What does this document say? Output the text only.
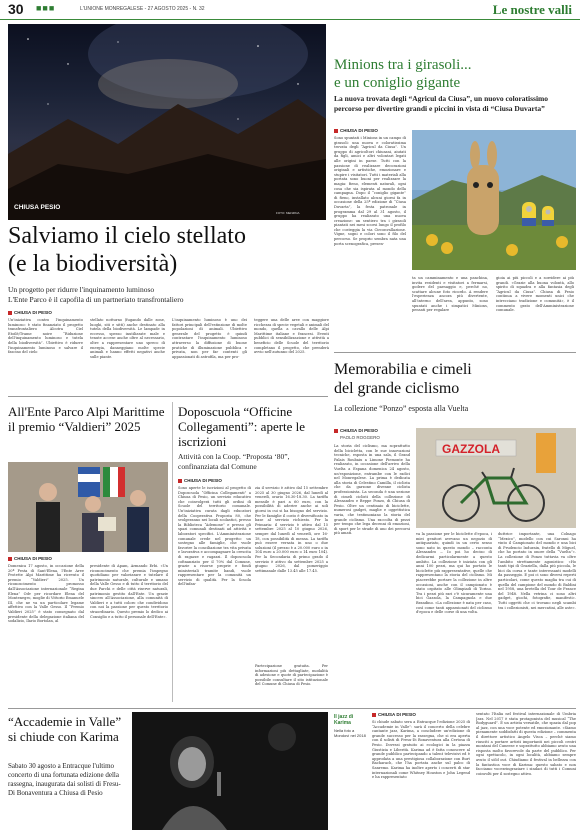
30 ■■■	L'UNIONE MONREGALESE - 27 AGOSTO 2025 - N. 32	Le nostre valli
CHIUSA PESIO
FOTO: MENZINA
Salviamo il cielo stellato
(e la biodiversità)
Un progetto per ridurre l'inquinamento luminoso
L'Ente Parco è il capofila di un partneriato transfrontaliero
CHIUSA DI PESIO
Un'iniziativa contro l'inquinamento luminoso: è stato finanziato il progetto transfrontaliero Alcotra Ciel Etoilé/Trame noire “Riduzione dell'inquinamento luminoso e tutela della biodiversità”. Ubiettivo è ridurre l'inquinamento luminoso e salvare il fascino del cielo
stellato notturno (fugando dalle zone, luoghi, siti e sitti) anche destinato alla tutela della biodiversità. Le lampade in eccesso, spesso inutilizzate male e tenute accese anche oltre al necessario, oltre a rappresentare uno spreco di energia, danneggiano molte specie animali e hanno effetti negativi anche sulle piante.
L'inquinamento luminoso è uno dei fattori principali dell'estinzione di molte popolazioni di animali. Ubiettivo generale del progetto è quindi contrastare l'inquinamento luminoso attraverso la diffusione di buone pratiche di illuminazione pubblica e privata, non per far contenti gli appassionati di astrofila, ma per pro-
teggere una delle aree con maggiore ricchezza di specie vegetali e animali del mondo, quella a cavallo delle Alpi Marittime italiane e francesi. Eventi pubblici di sensibilizzazione e attività a beneficio delle Scuole del territorio completano il progetto, che prenderà avvio nell'autunno del 2025.
Minions tra i girasoli...
e un coniglio gigante
La nuova trovata degli “Agricul da Ciusa”, un nuovo coloratissimo percorso per divertire grandi e piccini in vista di “Ciusa Duvarta”
CHIUSA DI PESIO
Sono spuntati i Minions in un campo di girasoli: una nuova e coloratissima trovata degli “Agricul da Ciusa”. Un gruppo di agricoltori chiusani, aiutati da figli, amici e altri volontari legati alle origini in paese. Tutti con la passione di realizzare decorazioni originali e artistiche, emozionare e stupire i visitatori. Tutti i materiali alla portata sono buoni per realizzare la magia: fieno, elementi naturali, ogni cosa che sia ispirata al mondo della campagna. Dopo il “coniglio gigante” di fieno, installato alcuni giorni fa in occasione della 25ª edizione di “Ciusa Duvarta”, la festa patronale in programma dal 29 al 31 agosto, il gruppo ha realizzato una nuova creazione: un sentiero tra i girasoli piantati nei mesi scorsi lungo il profilo che costeggia la via Circonvallazione. Vigne, sogni e colori sono il filo del percorso. Se proprio sembra nata una porta scenografica, presen-
ta un camminamento e una panchina, invita residenti e visitatori a fermarsi, godere del paesaggio e, perché no, scattare alcune foto ricordo. A rendere l'esperienza ancora più divertente, all'interno dell'area, appunto, sono spuntati anche i simpatici Minions, pensati per regalare
gioia ai più piccoli e a sorridere ai più grandi. «Grazie alla buona volontà, allo spirito di squadra e alla fantasia degli “Agricul da Ciusa”. Chiusa di Pesio continua a vivere momenti unici che intrecciano tradizione e comunità», è il commento grato dell'Amministrazione comunale.
Memorabilia e cimeli
del grande ciclismo
La collezione “Ponzo” esposta alla Vuelta
All'Ente Parco Alpi Marittime il premio “Valdieri” 2025
CHIUSA DI PESIO
Domenica 17 agosto, in occasione della 20ª Festa di Sant'Elena, l'Ente Aree Protette Alpi Marittime ha ricevuto il premio “Valdieri” 2025. Un riconoscimento promosso dall'Associazione internazionale “Regina Elena” Odv per ricordare Elena del Montenegro, moglie di Vittorio Emanuele III, che ne va un particolare legame affettivo con la Valle Gesso. Il “Premio Valdieri 2025” è stato consegnato dal presidente della delegazione italiana del sodalizio, Ilario Bortolan, al
presidente di Apam, Armando Erbi. «Un riconoscimento che premia l'impegno quotidiano per valorizzare e tutelare il patrimonio naturale, culturale e umano della Valle Gesso e di tutto il territorio del due Parchi e delle città riserve naturali, patrimonio gestito dall'Ente. Un grazie sincero all'Associazione, alla comunità di Valdieri e a tutti coloro che condividono con noi la passione per questo territorio straordinario. Questo premio lo dedico ai Consiglio e a tutto il personale dell'Ente».
Doposcuola “Officine Collegamenti”: aperte le iscrizioni
Attività con la Coop. “Proposta ‘80”, confinanziata dal Comune
CHIUSA DI PESIO
Sono aperte le iscrizioni al progetto di Doposcuola “Officina Collegamenti” a Chiusa di Pesio, un servizio educativo che coinvolgerà tutti gli ordini di Scuole del territorio comunale. Un'iniziativa curata dagli educatori della Cooperativa Proposta 80, che svolgeranno nei locali scolastici, presso la Biblioteca “Ademone” e presso gli spazi comunali destinati ad attività e laboratori specifici. L'Amministrazione comunale crede nel progetto: un sostegno alle famiglie, che vuole favorire la conciliazione tra vita privata e lavorativa e accompagnare la crescita di ragazze e ragazzi. Il doposcuola cofinanziato per il 70% dal Comune, grazie a risorse proprie e fondi ministeriali tramite bandi, vuole rappresentare per la comunità un servizio di qualità. Per la Scuola dell'infan-
zia il servizio è attivo dal 15 settembre 2025 al 30 giugno 2026, dal lunedì al venerdì, orario 16.30-18.30. La tariffa mensile è pari a 60 euro, con la possibilità di aderire anche ai soli giorni in cui si ha bisogno del servizio. Per le famiglie il costo è diversificato in base al servizio richiesto. Per la Primaria: il servizio è attivo dal 15 settembre 2025 al 10 giugno 2026, sempre dal lunedì al venerdì, ore 16-18, con possibilità di mensa. La tariffa può essere versata in uno o due soluzioni (il prezzo è a 20.000 euro o in 104 euro a 20.000 euro o 14 euro 104). Per la Secondaria di primo grado il servizio è attivo da settembre 2025 a giugno 2026, dal pomeriggio settimanale dalle 13.45 alle 17.45.
Partecipazione gratuita. Per informazioni più dettagliate, modalità di adesione e quote di partecipazione è possibile consultare il sito istituzionale del Comune di Chiusa di Pesio.
CHIUSA DI PESIO
PAOLO ROGGERO
La storia del ciclismo, ma soprattutto della bicicletta, con le sue innovazioni tecniche, esposta in una sala, il Grand Palais Roubaix a Limone Piemonte ha realizzato, in occasione dell'arrivo della Vuelta a Espana domenica 24 agosto, un'esposizione, entrambe con le radici nel Monregalese. La prima è dedicata alla storia di Celestino Camilla, il ciclista che da garzone divenne ciclista professionista. La seconda è una sezione di cimeli ciclisti della collezione di Alessandro e Beppe Ponzo, di Chiusa di Pesio. Oltre un centinaio di biciclette, numerosi gadget, maglie e oggettistica varia, che testimoniano la storia del grande ciclismo. Una raccolta di pezzi per tempo che lega decenni di emozioni, di sport per le strade di uno dei percorsi più amati.
GAZZOLA
va la passione per le biciclette d'epoca, i miei genitori avevano un negozio di antiquariato, quindi in un certo senso sono nato in questo mondo – racconta Alessandro –. Io poi ho deciso di dedicarmi particolarmente a questo ambito. La collezione è iniziata con gli anni 100 pezzi, ma qui ho portato le biciclette più rappresentative, quelle che rappresentano la storia del ciclismo. Mi piacerebbe portare la collezione in altre occasioni, anche con il campionato è stato ospitato alle Olimpiadi di Torino. Tra i pezzi più rari c'è sicuramente una bici Gazzola, la Campagnola e due Brandino. «La collezione è nata per caso, così come tanti appassionati del ciclismo d'epoca e delle corse di una volta.
duttrice importante, una Colnago “Mexico”, modello con cui Saronni ha vinto il Campionato del mondo e una bici di Prudencio Indurain, fratello di Miguel, che ho portato in onore della “Vuelta”». La collezione di Ponzo tuttavia va oltre l'ambito strettamente agonistico: «Ho tanti tipi di Graziella, dalla più piccola, le bici da corsa e tante interessanti modelli da passeggio. E poi ci sono diversi reperti particolari, come questo maglia tra cui di quella del campione del mondo di Baldini nel 1958, una bretella del Tour de France del 1948. Nella vetrina ci sono altri gadget, giochi, fotografie, manifesti». Tutti oggetti che ci trovano negli scambi tra i collezionisti, nei mercatini, alle aste».
“Accademie in Valle” si chiude con Karima
Sabato 30 agosto a Entracque l'ultimo concerto di una fortunata edizione della rassegna, inaugurata dai solisti di Fresu-Di Bonaventura a Chiusa di Pesio
Il jazz di Karima
Nella foto a Mondovì nel 2018
CHIUSA DI PESIO
Si chiude sabato sera a Entracque l'edizione 2025 di “Accademie in Valle”: sarà il concerto della celebre cantante jazz, Karima, a concludere un'edizione di grande successo per la rassegna, che si era aperta con il solisti di Fresu-Di Bonaventura alla Certosa di Pesio. Dovessi gratuito ai ecologici in la piazza Giustizia e Liberità. Karima ad è fatta conoscere al grande pubblico partecipando a talent televisivi ed è approdata a una prestigiosa collaborazione con Burt Bacharach, che l'ha portata anche sul palco di Sanremo. Karima ha inoltre aperto i concerti di star internazionali come Whitney Houston e John Legend e ha rappresentato
sentato l'Italia nel festival internazionale di Umbria Jazz. Nel 2017 è stata protagonista del musical “The Bodyguard”. È un artista versatile, che spazia dal pop al jazz, con una voce potente ed emozionante. «Siamo pienamente soddisfatti di questa edizione – commenta il direttore artistico Angelo Visca – perché siamo riusciti a portare artisti importanti nei piccoli centri montani del Cuneese e soprattutto abbiamo avuto una risposta molto favorevole da parte del pubblico. Per ogni spettacolo, in ogni località, abbiamo sempre avuto il sòld out. Chiudiamo il festival in bellezza con la fantastica voce di Karima: questo sabato e non facciamo vocezringraziare i sindaci di tutti i Comuni coinvolti per il sostegno attivo.
